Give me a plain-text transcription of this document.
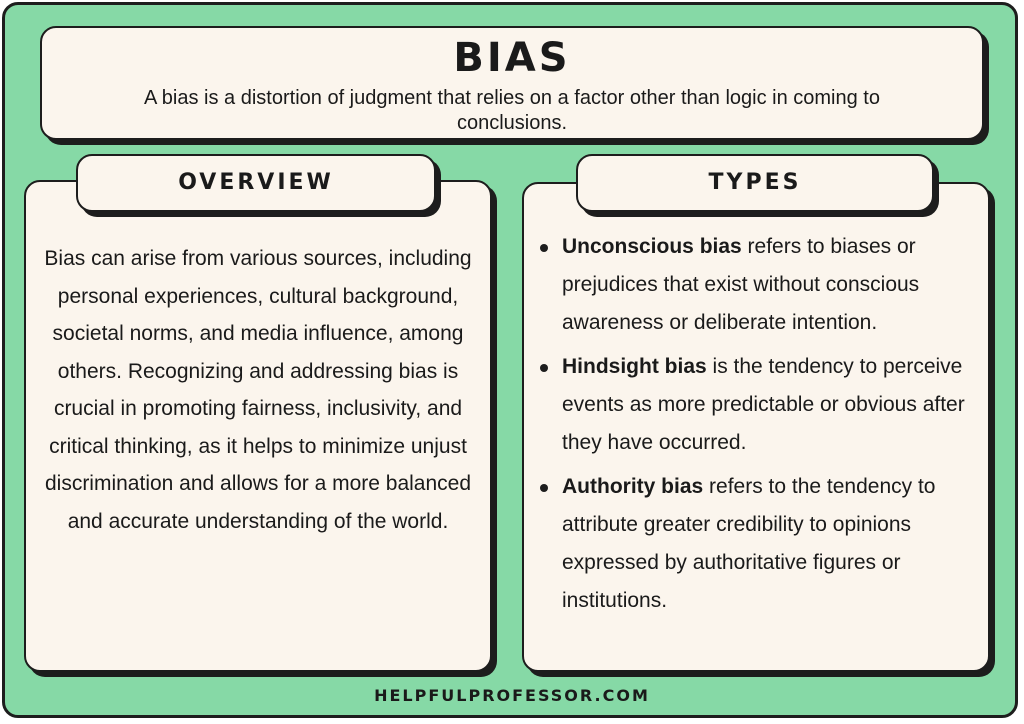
BIAS
A bias is a distortion of judgment that relies on a factor other than logic in coming to conclusions.
Bias can arise from various sources, including personal experiences, cultural background, societal norms, and media influence, among others. Recognizing and addressing bias is crucial in promoting fairness, inclusivity, and critical thinking, as it helps to minimize unjust discrimination and allows for a more balanced and accurate understanding of the world.
OVERVIEW
Unconscious bias refers to biases or prejudices that exist without conscious awareness or deliberate intention.
Hindsight bias is the tendency to perceive events as more predictable or obvious after they have occurred.
Authority bias refers to the tendency to attribute greater credibility to opinions expressed by authoritative figures or institutions.
TYPES
HELPFULPROFESSOR.COM
